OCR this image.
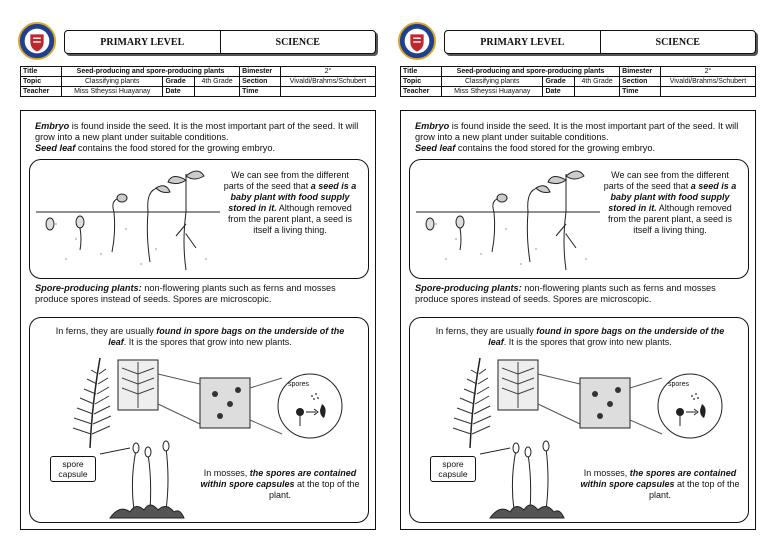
PRIMARY LEVEL	SCIENCE
Title	Seed-producing and spore-producing plants			Bimester	2°
Topic	Classifying plants	Grade	4th Grade	Section	Vivaldi/Brahms/Schubert
Teacher	Miss Stheyssi Huayanay	Date		Time	
Embryo is found inside the seed. It is the most important part of the seed. It will grow into a new plant under suitable conditions.
Seed leaf contains the food stored for the growing embryo.
We can see from the different parts of the seed that a seed is a baby plant with food supply stored in it. Although removed from the parent plant, a seed is itself a living thing.
Spore-producing plants: non-flowering plants such as ferns and mosses produce spores instead of seeds. Spores are microscopic.
In ferns, they are usually found in spore bags on the underside of the leaf. It is the spores that grow into new plants.
spores
spore capsule	In mosses, the spores are contained within spore capsules at the top of the plant.
PRIMARY LEVEL	SCIENCE
Title	Seed-producing and spore-producing plants			Bimester	2°
Topic	Classifying plants	Grade	4th Grade	Section	Vivaldi/Brahms/Schubert
Teacher	Miss Stheyssi Huayanay	Date		Time	
Embryo is found inside the seed. It is the most important part of the seed. It will grow into a new plant under suitable conditions.
Seed leaf contains the food stored for the growing embryo.
We can see from the different parts of the seed that a seed is a baby plant with food supply stored in it. Although removed from the parent plant, a seed is itself a living thing.
Spore-producing plants: non-flowering plants such as ferns and mosses produce spores instead of seeds. Spores are microscopic.
In ferns, they are usually found in spore bags on the underside of the leaf. It is the spores that grow into new plants.
spores
spore capsule	In mosses, the spores are contained within spore capsules at the top of the plant.
